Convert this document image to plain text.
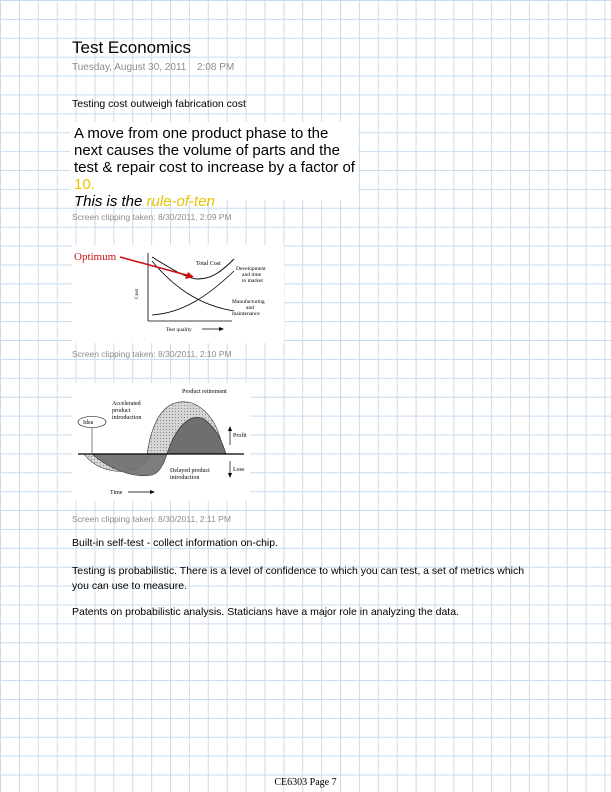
Test Economics
Tuesday, August 30, 2011 2:08 PM
Testing cost outweigh fabrication cost
A move from one product phase to the next causes the volume of parts and the test & repair cost to increase by a factor of 10.
This is the rule-of-ten
Screen clipping taken: 8/30/2011, 2:09 PM
Optimum
Total Cost
Development
and time
to market
Manufacturing
and
maintenance
Cost
Test quality
Screen clipping taken: 8/30/2011, 2:10 PM
Idea
Product retirement
Accelerated
product
introduction
Profit
Loss
Delayed product
introduction
Time
Screen clipping taken: 8/30/2011, 2:11 PM
Built-in self-test - collect information on-chip.
Testing is probabilistic. There is a level of confidence to which you can test, a set of metrics which you can use to measure.
Patents on probabilistic analysis. Staticians have a major role in analyzing the data.
CE6303 Page 7
